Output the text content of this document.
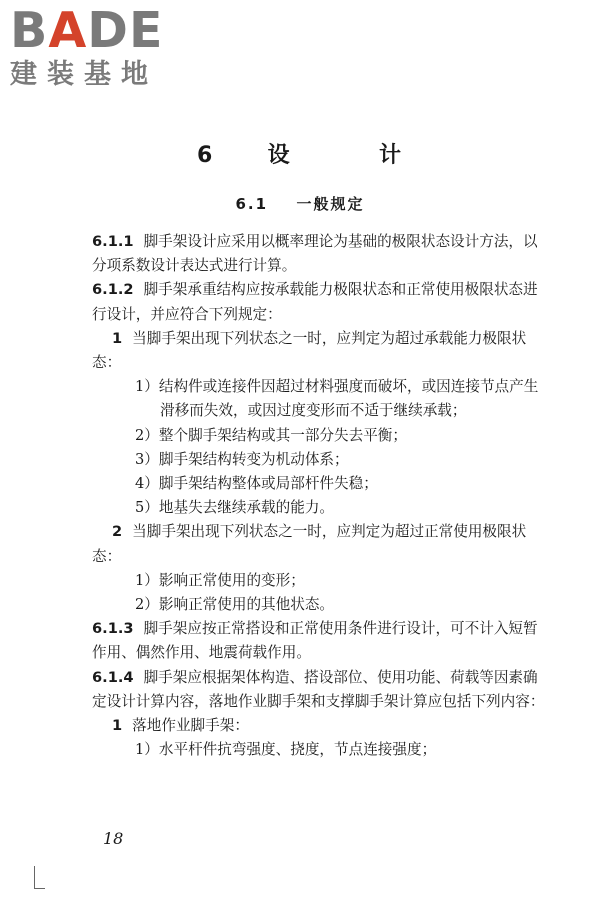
BADE
建装基地
6 设	计
6.1 一般规定

6.1.1 脚手架设计应采用以概率理论为基础的极限状态设计方法，以分项系数设计表达式进行计算。

6.1.2 脚手架承重结构应按承载能力极限状态和正常使用极限状态进行设计，并应符合下列规定：

1 当脚手架出现下列状态之一时，应判定为超过承载能力极限状态：

1）结构件或连接件因超过材料强度而破坏，或因连接节点产生滑移而失效，或因过度变形而不适于继续承载；

2）整个脚手架结构或其一部分失去平衡；

3）脚手架结构转变为机动体系；

4）脚手架结构整体或局部杆件失稳；

5）地基失去继续承载的能力。

2 当脚手架出现下列状态之一时，应判定为超过正常使用极限状态：

1）影响正常使用的变形；

2）影响正常使用的其他状态。

6.1.3 脚手架应按正常搭设和正常使用条件进行设计，可不计入短暂作用、偶然作用、地震荷载作用。

6.1.4 脚手架应根据架体构造、搭设部位、使用功能、荷载等因素确定设计计算内容，落地作业脚手架和支撑脚手架计算应包括下列内容：

1 落地作业脚手架：

1）水平杆件抗弯强度、挠度，节点连接强度；

18
